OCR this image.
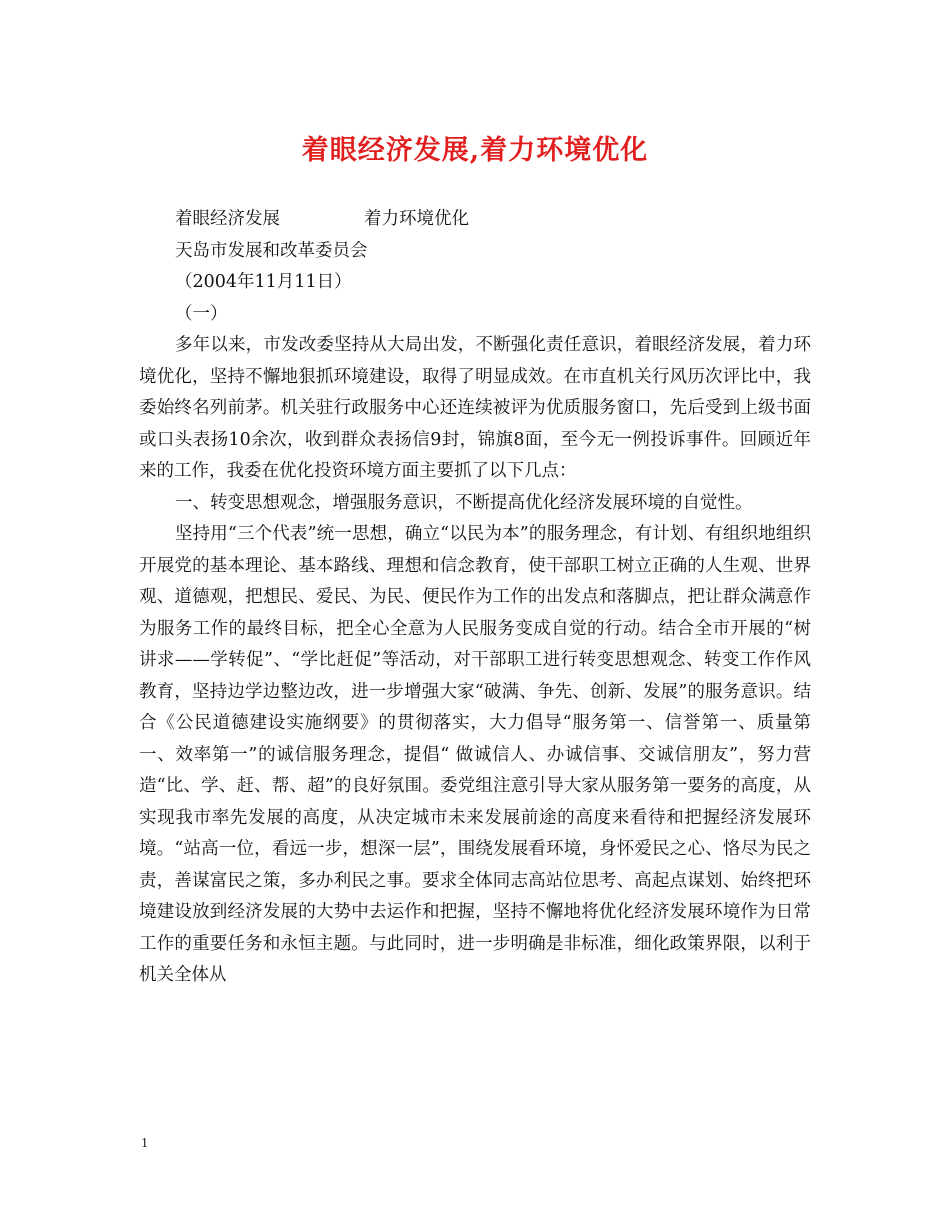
着眼经济发展,着力环境优化
着眼经济发展	着力环境优化
天岛市发展和改革委员会
（2004年11月11日）
（一）
多年以来，市发改委坚持从大局出发，不断强化责任意识，着眼经济发展，着力环境优化，坚持不懈地狠抓环境建设，取得了明显成效。在市直机关行风历次评比中，我委始终名列前茅。机关驻行政服务中心还连续被评为优质服务窗口，先后受到上级书面或口头表扬10余次，收到群众表扬信9封，锦旗8面，至今无一例投诉事件。回顾近年来的工作，我委在优化投资环境方面主要抓了以下几点：
一、转变思想观念，增强服务意识，不断提高优化经济发展环境的自觉性。
坚持用“三个代表”统一思想，确立“以民为本”的服务理念，有计划、有组织地组织开展党的基本理论、基本路线、理想和信念教育，使干部职工树立正确的人生观、世界观、道德观，把想民、爱民、为民、便民作为工作的出发点和落脚点，把让群众满意作为服务工作的最终目标，把全心全意为人民服务变成自觉的行动。结合全市开展的“树讲求——学转促”、“学比赶促”等活动，对干部职工进行转变思想观念、转变工作作风教育，坚持边学边整边改，进一步增强大家“破满、争先、创新、发展”的服务意识。结合《公民道德建设实施纲要》的贯彻落实，大力倡导“服务第一、信誉第一、质量第一、效率第一”的诚信服务理念，提倡“ 做诚信人、办诚信事、交诚信朋友”，努力营造“比、学、赶、帮、超”的良好氛围。委党组注意引导大家从服务第一要务的高度，从实现我市率先发展的高度，从决定城市未来发展前途的高度来看待和把握经济发展环境。“站高一位，看远一步，想深一层”，围绕发展看环境，身怀爱民之心、恪尽为民之责，善谋富民之策，多办利民之事。要求全体同志高站位思考、高起点谋划、始终把环境建设放到经济发展的大势中去运作和把握，坚持不懈地将优化经济发展环境作为日常工作的重要任务和永恒主题。与此同时，进一步明确是非标准，细化政策界限，以利于机关全体从
1
